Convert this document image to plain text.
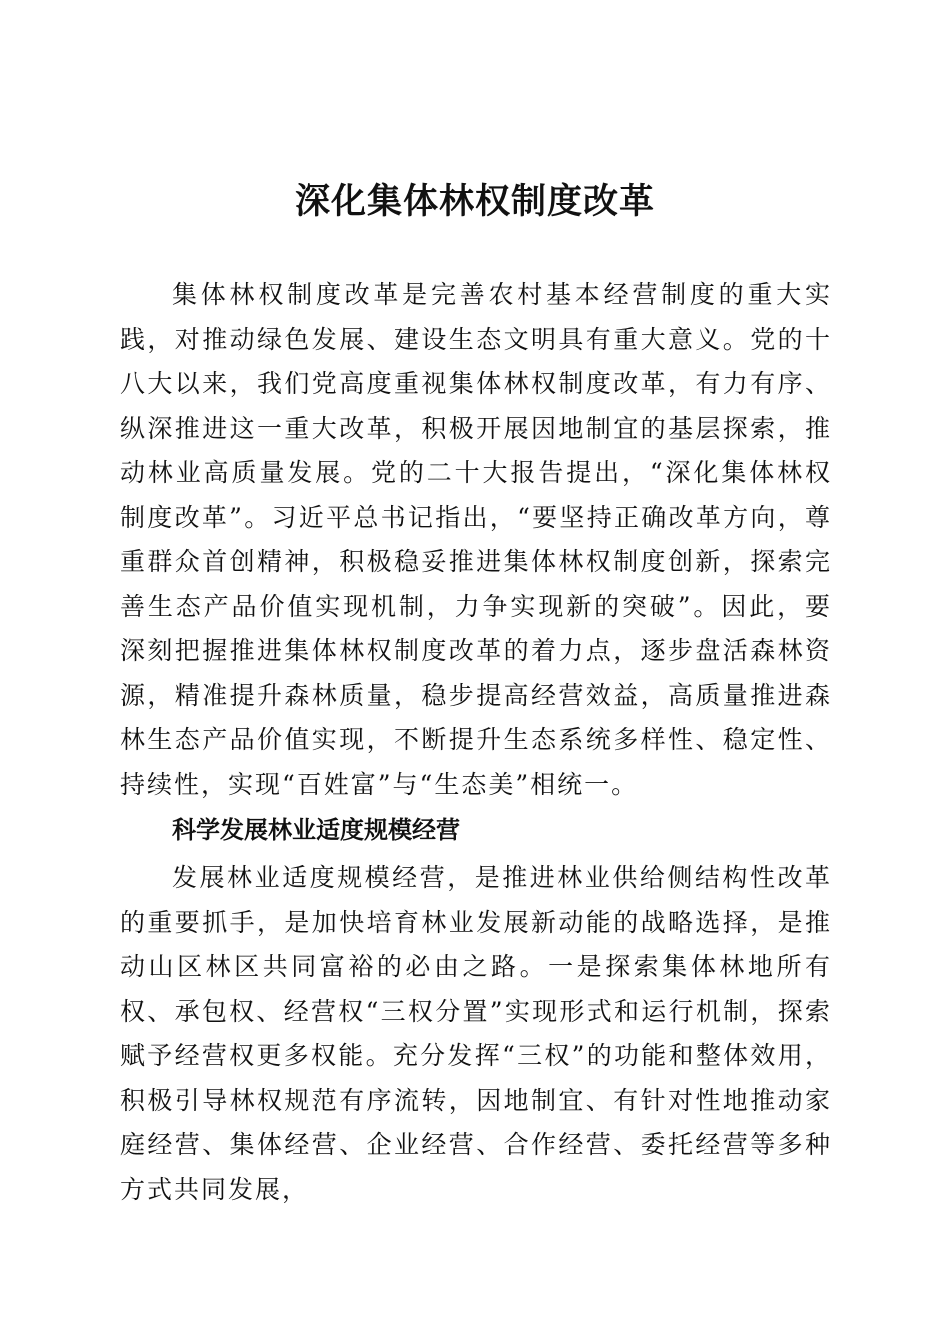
深化集体林权制度改革

集体林权制度改革是完善农村基本经营制度的重大实践，对推动绿色发展、建设生态文明具有重大意义。党的十八大以来，我们党高度重视集体林权制度改革，有力有序、纵深推进这一重大改革，积极开展因地制宜的基层探索，推动林业高质量发展。党的二十大报告提出，“深化集体林权制度改革”。习近平总书记指出，“要坚持正确改革方向，尊重群众首创精神，积极稳妥推进集体林权制度创新，探索完善生态产品价值实现机制，力争实现新的突破”。因此，要深刻把握推进集体林权制度改革的着力点，逐步盘活森林资源，精准提升森林质量，稳步提高经营效益，高质量推进森林生态产品价值实现，不断提升生态系统多样性、稳定性、持续性，实现“百姓富”与“生态美”相统一。

科学发展林业适度规模经营

发展林业适度规模经营，是推进林业供给侧结构性改革的重要抓手，是加快培育林业发展新动能的战略选择，是推动山区林区共同富裕的必由之路。一是探索集体林地所有权、承包权、经营权“三权分置”实现形式和运行机制，探索赋予经营权更多权能。充分发挥“三权”的功能和整体效用，积极引导林权规范有序流转，因地制宜、有针对性地推动家庭经营、集体经营、企业经营、合作经营、委托经营等多种方式共同发展，
